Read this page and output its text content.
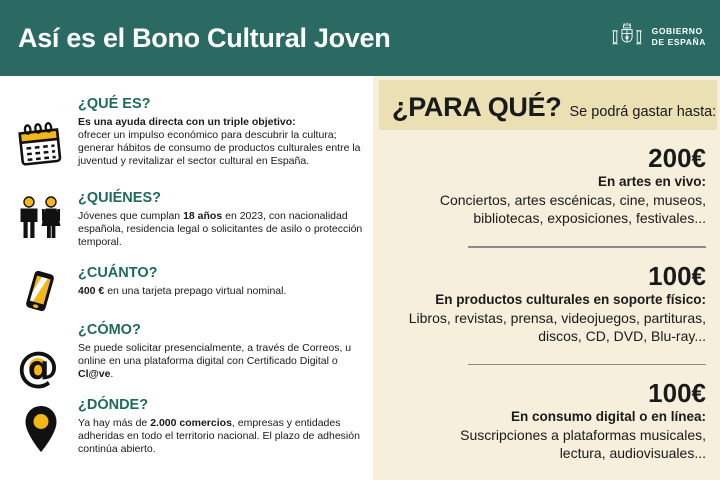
Así es el Bono Cultural Joven	GOBIERNO
DE ESPAÑA
¿QUÉ ES?
Es una ayuda directa con un triple objetivo:

ofrecer un impulso económico para descubrir la cultura; generar hábitos de consumo de productos culturales entre la juventud y revitalizar el sector cultural en España.

¿QUIÉNES?

Jóvenes que cumplan 18 años en 2023, con nacionalidad española, residencia legal o solicitantes de asilo o protección temporal.

¿CUÁNTO?

400 € en una tarjeta prepago virtual nominal.

@
¿CÓMO?

Se puede solicitar presencialmente, a través de Correos, u online en una plataforma digital con Certificado Digital o Cl@ve.

¿DÓNDE?

Ya hay más de 2.000 comercios, empresas y entidades adheridas en todo el territorio nacional. El plazo de adhesión continúa abierto.

¿PARA QUÉ? Se podrá gastar hasta:
200€
En artes en vivo:
Conciertos, artes escénicas, cine, museos, bibliotecas, exposiciones, festivales...
100€
En productos culturales en soporte físico:
Libros, revistas, prensa, videojuegos, partituras, discos, CD, DVD, Blu-ray...
100€
En consumo digital o en línea:
Suscripciones a plataformas musicales, lectura, audiovisuales...
